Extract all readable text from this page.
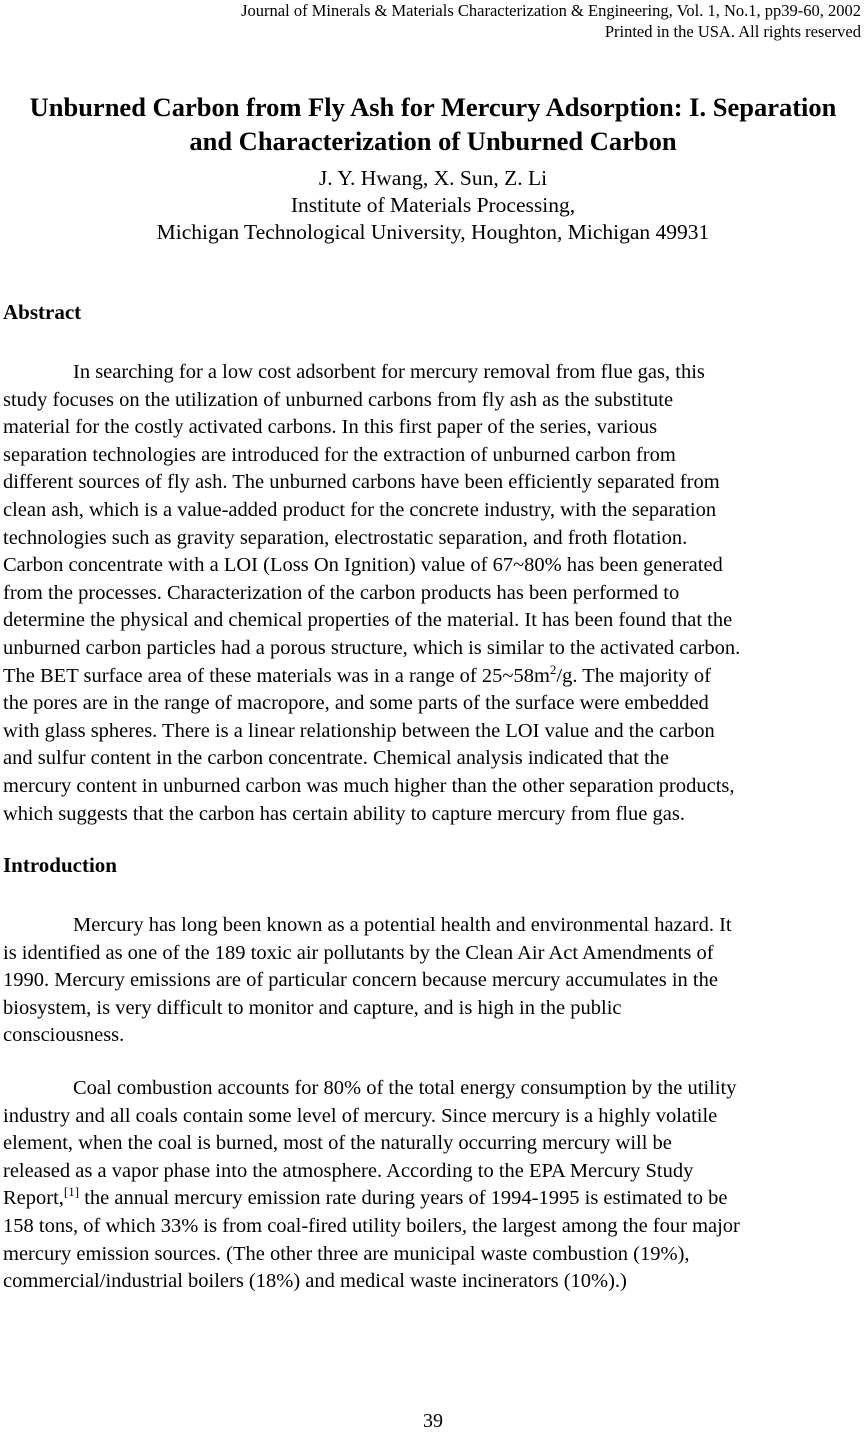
Journal of Minerals & Materials Characterization & Engineering, Vol. 1, No.1, pp39-60, 2002
Printed in the USA. All rights reserved
Unburned Carbon from Fly Ash for Mercury Adsorption: I. Separation
and Characterization of Unburned Carbon
J. Y. Hwang, X. Sun, Z. Li
Institute of Materials Processing,
Michigan Technological University, Houghton, Michigan 49931
Abstract
In searching for a low cost adsorbent for mercury removal from flue gas, this
study focuses on the utilization of unburned carbons from fly ash as the substitute
material for the costly activated carbons. In this first paper of the series, various
separation technologies are introduced for the extraction of unburned carbon from
different sources of fly ash. The unburned carbons have been efficiently separated from
clean ash, which is a value-added product for the concrete industry, with the separation
technologies such as gravity separation, electrostatic separation, and froth flotation.
Carbon concentrate with a LOI (Loss On Ignition) value of 67~80% has been generated
from the processes. Characterization of the carbon products has been performed to
determine the physical and chemical properties of the material. It has been found that the
unburned carbon particles had a porous structure, which is similar to the activated carbon.
The BET surface area of these materials was in a range of 25~58m$^2$/g. The majority of
the pores are in the range of macropore, and some parts of the surface were embedded
with glass spheres. There is a linear relationship between the LOI value and the carbon
and sulfur content in the carbon concentrate. Chemical analysis indicated that the
mercury content in unburned carbon was much higher than the other separation products,
which suggests that the carbon has certain ability to capture mercury from flue gas.
Introduction
Mercury has long been known as a potential health and environmental hazard. It
is identified as one of the 189 toxic air pollutants by the Clean Air Act Amendments of
1990. Mercury emissions are of particular concern because mercury accumulates in the
biosystem, is very difficult to monitor and capture, and is high in the public
consciousness.
Coal combustion accounts for 80% of the total energy consumption by the utility
industry and all coals contain some level of mercury. Since mercury is a highly volatile
element, when the coal is burned, most of the naturally occurring mercury will be
released as a vapor phase into the atmosphere. According to the EPA Mercury Study
Report,[1] the annual mercury emission rate during years of 1994-1995 is estimated to be
158 tons, of which 33% is from coal-fired utility boilers, the largest among the four major
mercury emission sources. (The other three are municipal waste combustion (19%),
commercial/industrial boilers (18%) and medical waste incinerators (10%).)
39
